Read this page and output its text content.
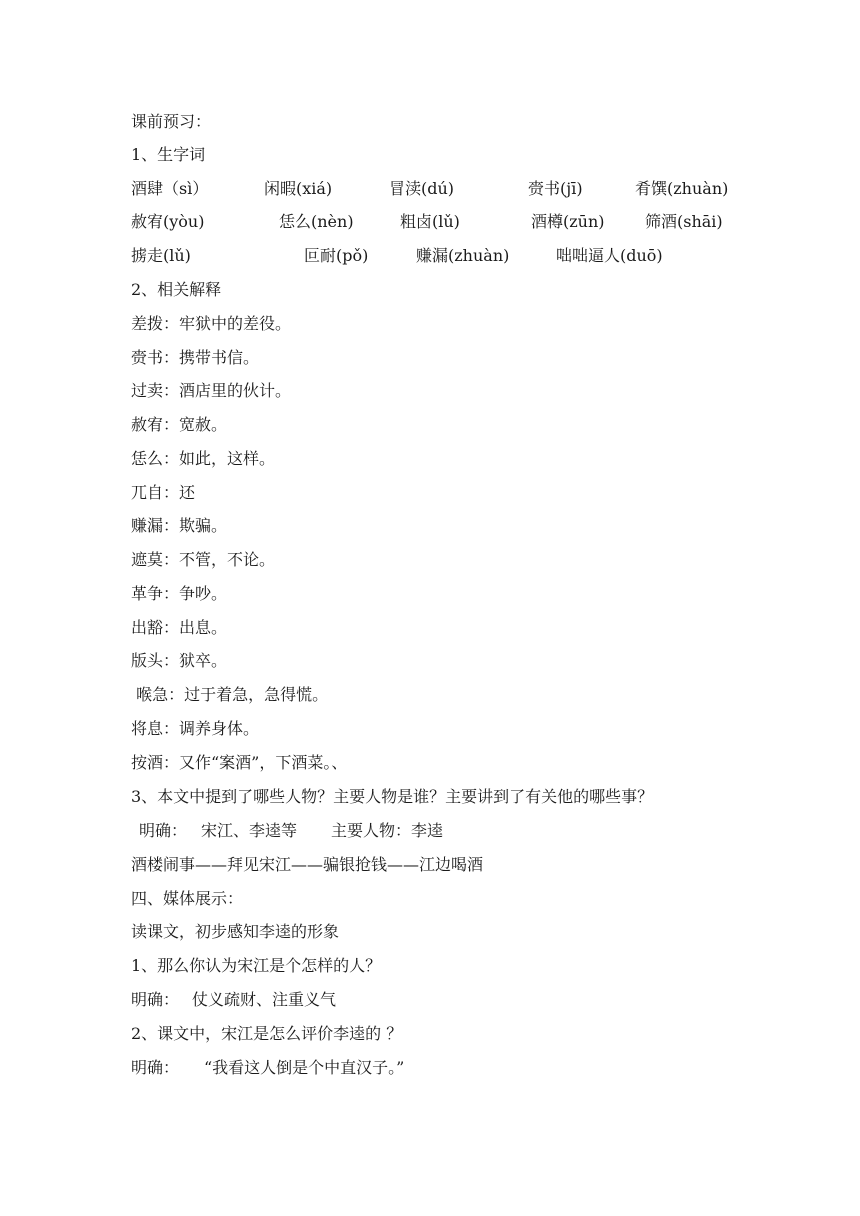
课前预习：
1、生字词
酒肆（sì）	闲暇(xiá)	冒渎(dú)	赍书(jī)	肴馔(zhuàn)
赦宥(yòu)	恁么(nèn)	粗卤(lǔ)	酒樽(zūn)	筛酒(shāi)
掳走(lǔ)	叵耐(pǒ)	赚漏(zhuàn)	咄咄逼人(duō)
2、相关解释
差拨：牢狱中的差役。
赍书：携带书信。
过卖：酒店里的伙计。
赦宥：宽赦。
恁么：如此，这样。
兀自：还
赚漏：欺骗。
遮莫：不管，不论。
革争：争吵。
出豁：出息。
版头：狱卒。
喉急：过于着急，急得慌。
将息：调养身体。
按酒：又作“案酒”，下酒菜。、
3、本文中提到了哪些人物？主要人物是谁？主要讲到了有关他的哪些事？
明确： 宋江、李逵等 主要人物：李逵
酒楼闹事——拜见宋江——骗银抢钱——江边喝酒
四、媒体展示：
读课文，初步感知李逵的形象
1、那么你认为宋江是个怎样的人？
明确： 仗义疏财、注重义气
2、课文中，宋江是怎么评价李逵的 ？
明确： “我看这人倒是个中直汉子。”
